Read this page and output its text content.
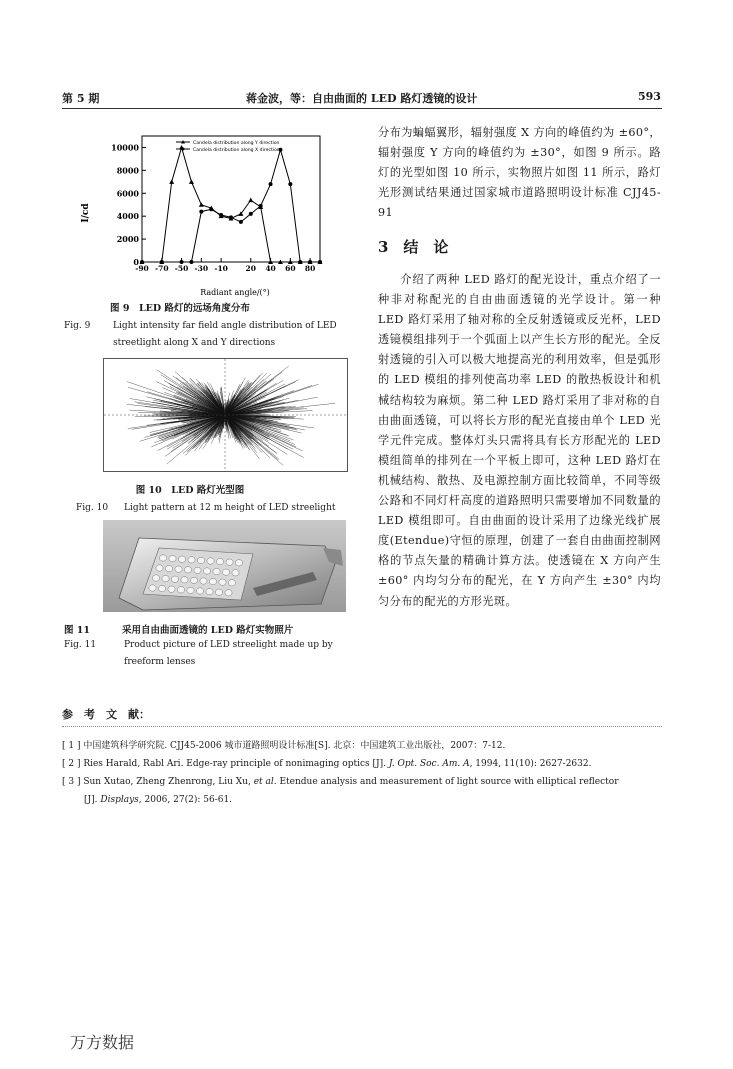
第 5 期	蒋金波，等：自由曲面的 LED 路灯透镜的设计	593
0
2000
4000
6000
8000
10000
-90 -70 -50 -30 -10 20 40 60 80
Candela distribution along Y direction
Candela distribution along X direction
I/cd
Radiant angle/(°)
图 9　LED 路灯的远场角度分布
Fig. 9	Light intensity far field angle distribution of LED
streetlight along X and Y directions
图 10　LED 路灯光型图
Fig. 10 Light pattern at 12 m height of LED streelight
图 11	采用自由曲面透镜的 LED 路灯实物照片
Fig. 11	Product picture of LED streelight made up by
freeform lenses

分布为蝙蝠翼形，辐射强度 X 方向的峰值约为 ±60°，辐射强度 Y 方向的峰值约为 ±30°，如图 9 所示。路灯的光型如图 10 所示，实物照片如图 11 所示，路灯光形测试结果通过国家城市道路照明设计标准 CJJ45-91

3　结　论

介绍了两种 LED 路灯的配光设计，重点介绍了一种非对称配光的自由曲面透镜的光学设计。第一种 LED 路灯采用了轴对称的全反射透镜或反光杯，LED 透镜模组排列于一个弧面上以产生长方形的配光。全反射透镜的引入可以极大地提高光的利用效率，但是弧形的 LED 模组的排列使高功率 LED 的散热板设计和机械结构较为麻烦。第二种 LED 路灯采用了非对称的自由曲面透镜，可以将长方形的配光直接由单个 LED 光学元件完成。整体灯头只需将具有长方形配光的 LED 模组简单的排列在一个平板上即可，这种 LED 路灯在机械结构、散热、及电源控制方面比较简单，不同等级公路和不同灯杆高度的道路照明只需要增加不同数量的 LED 模组即可。自由曲面的设计采用了边缘光线扩展度(Etendue)守恒的原理，创建了一套自由曲面控制网格的节点矢量的精确计算方法。使透镜在 X 方向产生 ±60° 内均匀分布的配光，在 Y 方向产生 ±30° 内均匀分布的配光的方形光斑。

参　考　文　献：
[ 1 ] 中国建筑科学研究院. CJJ45-2006 城市道路照明设计标准[S]. 北京：中国建筑工业出版社，2007：7-12.
[ 2 ] Ries Harald, Rabl Ari. Edge-ray principle of nonimaging optics [J]. J. Opt. Soc. Am. A, 1994, 11(10): 2627-2632.
[ 3 ] Sun Xutao, Zheng Zhenrong, Liu Xu, et al. Etendue analysis and measurement of light source with elliptical reflector
[J]. Displays, 2006, 27(2): 56-61.
万方数据
